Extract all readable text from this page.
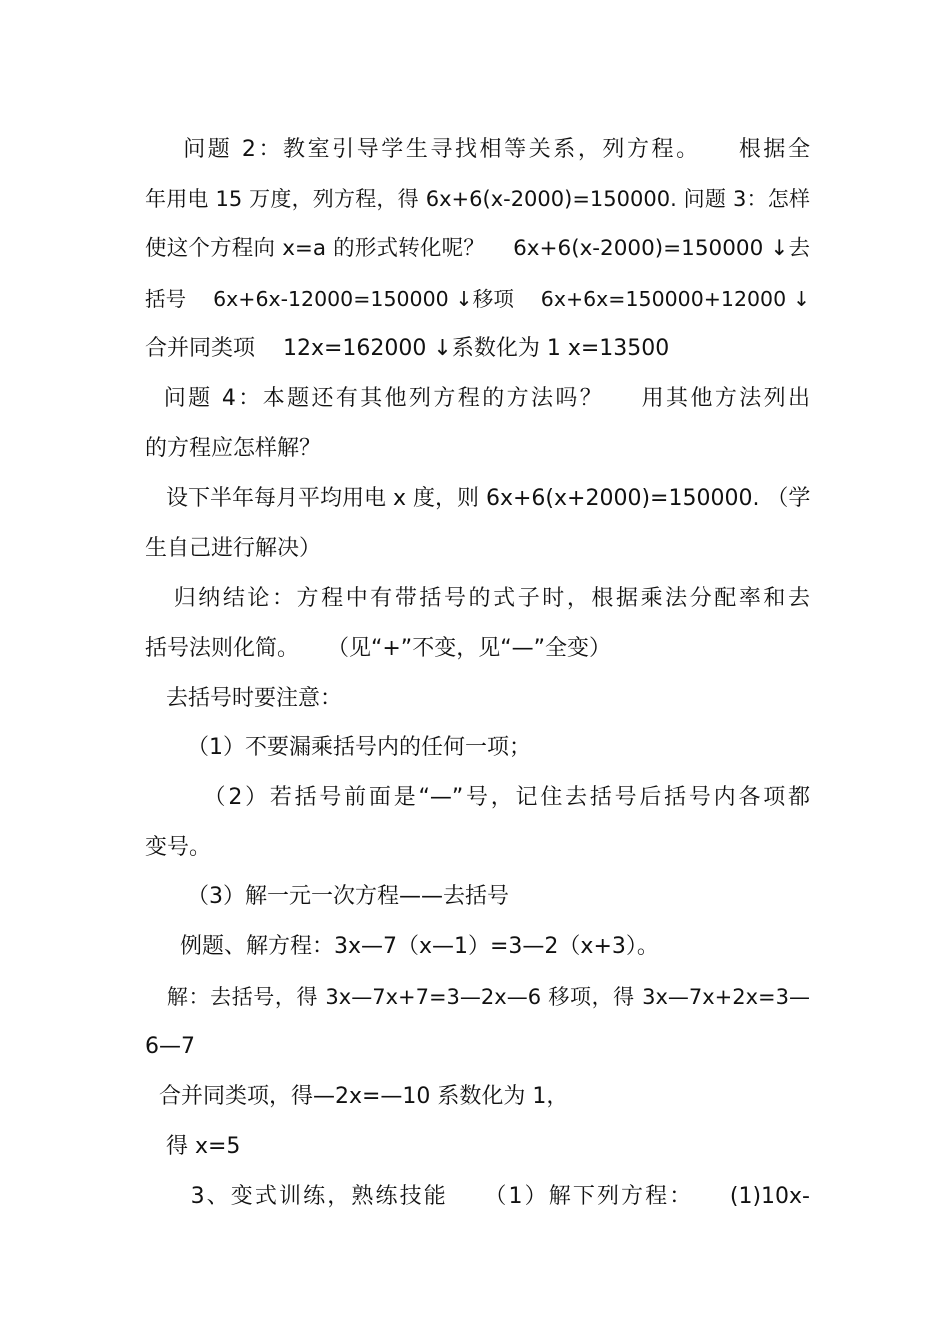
问题 2：教室引导学生寻找相等关系，列方程。    根据全
年用电 15 万度，列方程，得 6x+6(x-2000)=150000. 问题 3：怎样
使这个方程向 x=a 的形式转化呢？    6x+6(x-2000)=150000 ↓去
括号    6x+6x-12000=150000 ↓移项    6x+6x=150000+12000 ↓
合并同类项    12x=162000 ↓系数化为 1 x=13500
问题 4：本题还有其他列方程的方法吗？    用其他方法列出
的方程应怎样解？
设下半年每月平均用电 x 度，则 6x+6(x+2000)=150000. （学
生自己进行解决）
归纳结论：方程中有带括号的式子时，根据乘法分配率和去
括号法则化简。    （见“+”不变，见“—”全变）
去括号时要注意：
（1）不要漏乘括号内的任何一项；
（2）若括号前面是“—”号，记住去括号后括号内各项都
变号。
（3）解一元一次方程——去括号
例题、解方程：3x—7（x—1）=3—2（x+3）。
解：去括号，得 3x—7x+7=3—2x—6 移项，得 3x—7x+2x=3—
6—7
合并同类项，得—2x=—10 系数化为 1，
得 x=5
3、变式训练，熟练技能    （1）解下列方程：    (1)10x-
